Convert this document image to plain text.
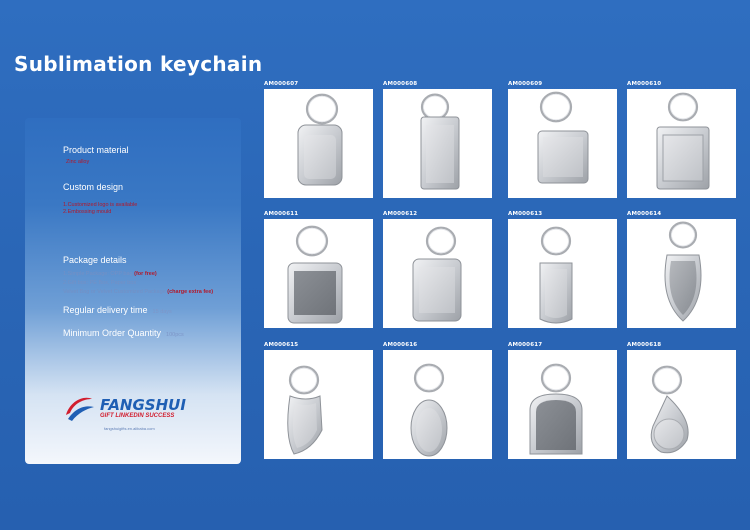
Sublimation keychain
Product material
Zinc alloy
Custom design
1.Customized logo is available
2.Embossing mould
Package details
1.Simple Package: OPP bag (for free)
2.Gift box: PE Box, Paper box
Velvet Bag or Velvet Customized Package (charge extra fee)
Regular delivery time 15 days
Minimum Order Quantity 100pcs
FANGSHUI
GIFT LINKEDIN SUCCESS
fangshuigifts.en.alibaba.com
AM000607	AM000608	AM000609	AM000610
AM000611	AM000612	AM000613	AM000614
AM000615	AM000616	AM000617	AM000618
